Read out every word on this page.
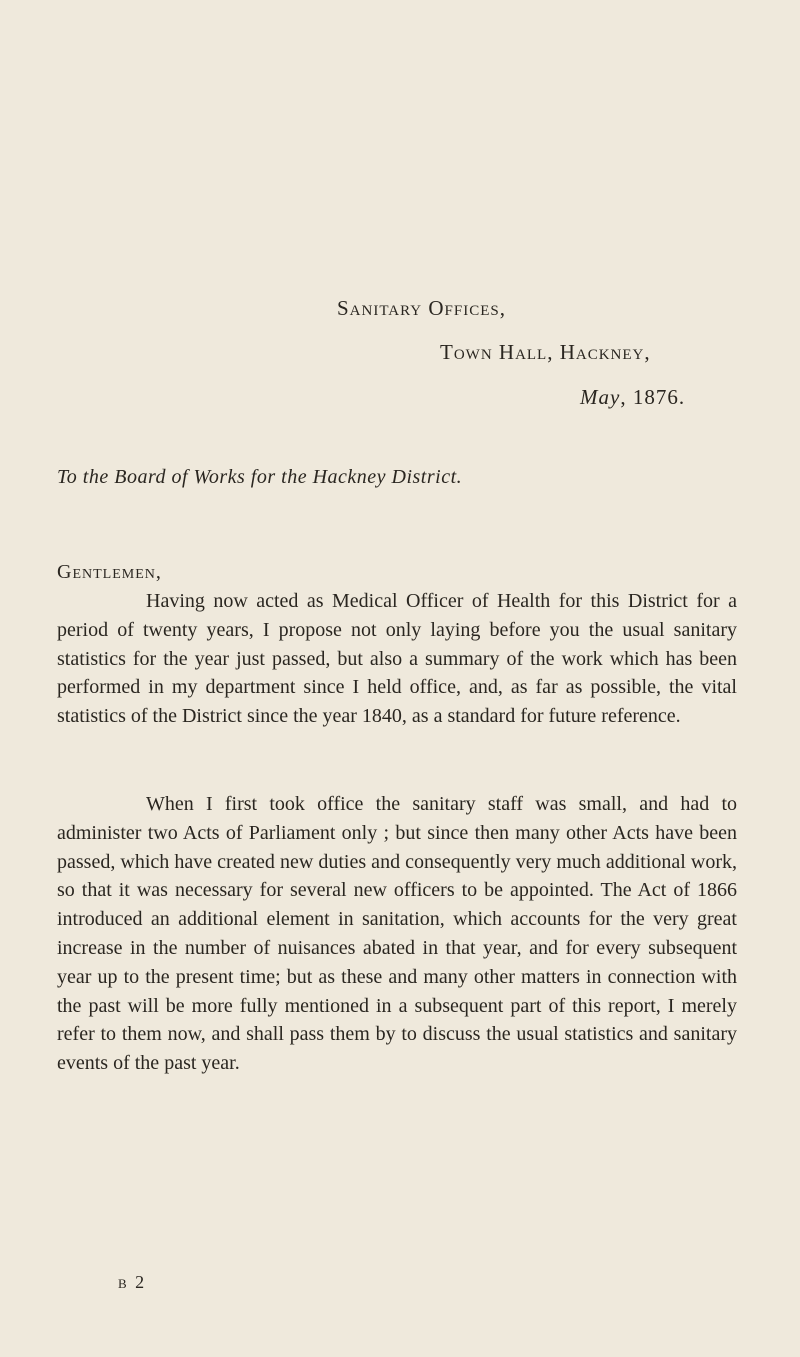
Sanitary Offices,
Town Hall, Hackney,
May, 1876.
To the Board of Works for the Hackney District.
Gentlemen,

Having now acted as Medical Officer of Health for this District for a period of twenty years, I propose not only laying before you the usual sanitary statistics for the year just passed, but also a summary of the work which has been performed in my department since I held office, and, as far as possible, the vital statistics of the District since the year 1840, as a standard for future reference.

When I first took office the sanitary staff was small, and had to administer two Acts of Parliament only ; but since then many other Acts have been passed, which have created new duties and consequently very much additional work, so that it was necessary for several new officers to be appointed. The Act of 1866 introduced an additional element in sanitation, which accounts for the very great increase in the number of nuisances abated in that year, and for every subsequent year up to the present time; but as these and many other matters in connection with the past will be more fully mentioned in a subsequent part of this report, I merely refer to them now, and shall pass them by to discuss the usual statistics and sanitary events of the past year.

b 2
